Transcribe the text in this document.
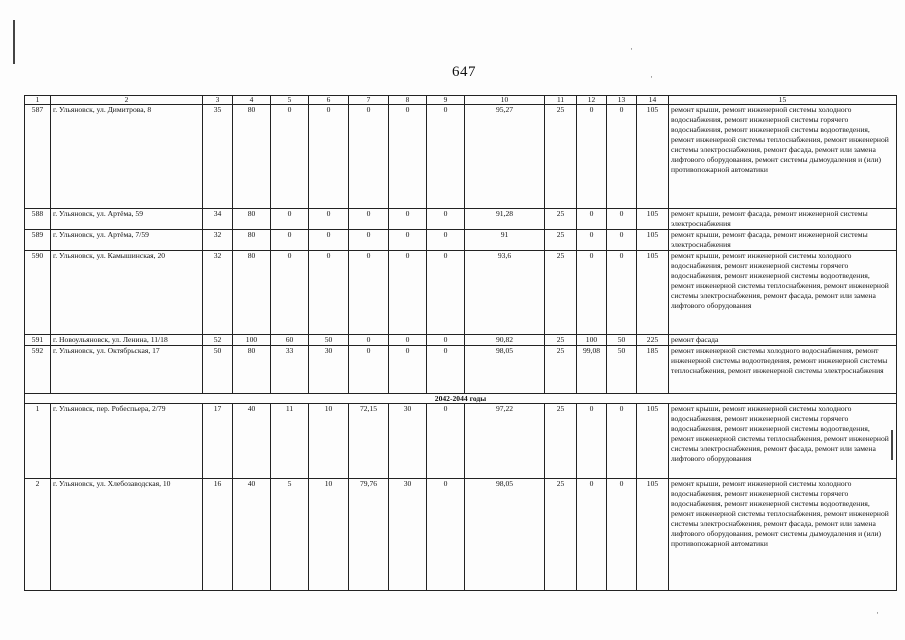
·
·
·
647
1	2	3	4	5	6	7	8	9	10	11	12	13	14	15
587	г. Ульяновск, ул. Димитрова, 8	35	80	0	0	0	0	0	95,27	25	0	0	105	ремонт крыши, ремонт инженерной системы холодного водоснабжения, ремонт инженерной системы горячего водоснабжения, ремонт инженерной системы водоотведения, ремонт инженерной системы теплоснабжения, ремонт инженерной системы электроснабжения, ремонт фасада, ремонт или замена лифтового оборудования, ремонт системы дымоудаления и (или) противопожарной автоматики
588	г. Ульяновск, ул. Артёма, 59	34	80	0	0	0	0	0	91,28	25	0	0	105	ремонт крыши, ремонт фасада, ремонт инженерной системы электроснабжения
589	г. Ульяновск, ул. Артёма, 7/59	32	80	0	0	0	0	0	91	25	0	0	105	ремонт крыши, ремонт фасада, ремонт инженерной системы электроснабжения
590	г. Ульяновск, ул. Камышинская, 20	32	80	0	0	0	0	0	93,6	25	0	0	105	ремонт крыши, ремонт инженерной системы холодного водоснабжения, ремонт инженерной системы горячего водоснабжения, ремонт инженерной системы водоотведения, ремонт инженерной системы теплоснабжения, ремонт инженерной системы электроснабжения, ремонт фасада, ремонт или замена лифтового оборудования
591	г. Новоульяновск, ул. Ленина, 11/18	52	100	60	50	0	0	0	90,82	25	100	50	225	ремонт фасада
592	г. Ульяновск, ул. Октябрьская, 17	50	80	33	30	0	0	0	98,05	25	99,08	50	185	ремонт инженерной системы холодного водоснабжения, ремонт инженерной системы водоотведения, ремонт инженерной системы теплоснабжения, ремонт инженерной системы электроснабжения
2042-2044 годы														
1	г. Ульяновск, пер. Робеспьера, 2/79	17	40	11	10	72,15	30	0	97,22	25	0	0	105	ремонт крыши, ремонт инженерной системы холодного водоснабжения, ремонт инженерной системы горячего водоснабжения, ремонт инженерной системы водоотведения, ремонт инженерной системы теплоснабжения, ремонт инженерной системы электроснабжения, ремонт фасада, ремонт или замена лифтового оборудования
2	г. Ульяновск, ул. Хлебозаводская, 10	16	40	5	10	79,76	30	0	98,05	25	0	0	105	ремонт крыши, ремонт инженерной системы холодного водоснабжения, ремонт инженерной системы горячего водоснабжения, ремонт инженерной системы водоотведения, ремонт инженерной системы теплоснабжения, ремонт инженерной системы электроснабжения, ремонт фасада, ремонт или замена лифтового оборудования, ремонт системы дымоудаления и (или) противопожарной автоматики
